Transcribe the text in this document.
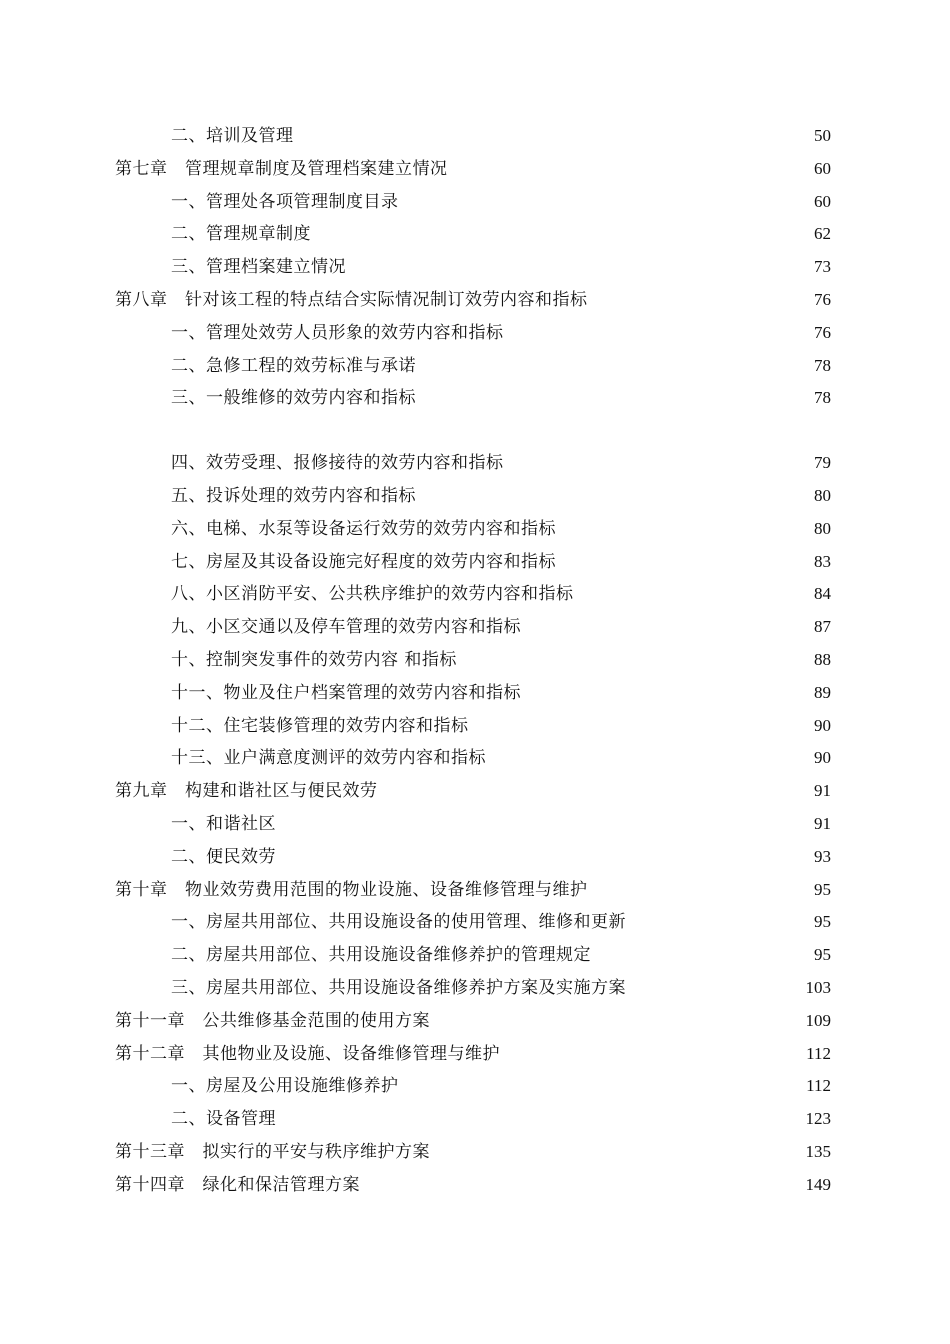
二、培训及管理	50
第七章　管理规章制度及管理档案建立情况	60
一、管理处各项管理制度目录	60
二、管理规章制度	62
三、管理档案建立情况	73
第八章　针对该工程的特点结合实际情况制订效劳内容和指标	76
一、管理处效劳人员形象的效劳内容和指标	76
二、急修工程的效劳标准与承诺	78
三、一般维修的效劳内容和指标	78
四、效劳受理、报修接待的效劳内容和指标	79
五、投诉处理的效劳内容和指标	80
六、电梯、水泵等设备运行效劳的效劳内容和指标	80
七、房屋及其设备设施完好程度的效劳内容和指标	83
八、小区消防平安、公共秩序维护的效劳内容和指标	84
九、小区交通以及停车管理的效劳内容和指标	87
十、控制突发事件的效劳内容 和指标	88
十一、物业及住户档案管理的效劳内容和指标	89
十二、住宅装修管理的效劳内容和指标	90
十三、业户满意度测评的效劳内容和指标	90
第九章　构建和谐社区与便民效劳	91
一、和谐社区	91
二、便民效劳	93
第十章　物业效劳费用范围的物业设施、设备维修管理与维护	95
一、房屋共用部位、共用设施设备的使用管理、维修和更新	95
二、房屋共用部位、共用设施设备维修养护的管理规定	95
三、房屋共用部位、共用设施设备维修养护方案及实施方案	103
第十一章　公共维修基金范围的使用方案	109
第十二章　其他物业及设施、设备维修管理与维护	112
一、房屋及公用设施维修养护	112
二、设备管理	123
第十三章　拟实行的平安与秩序维护方案	135
第十四章　绿化和保洁管理方案	149
